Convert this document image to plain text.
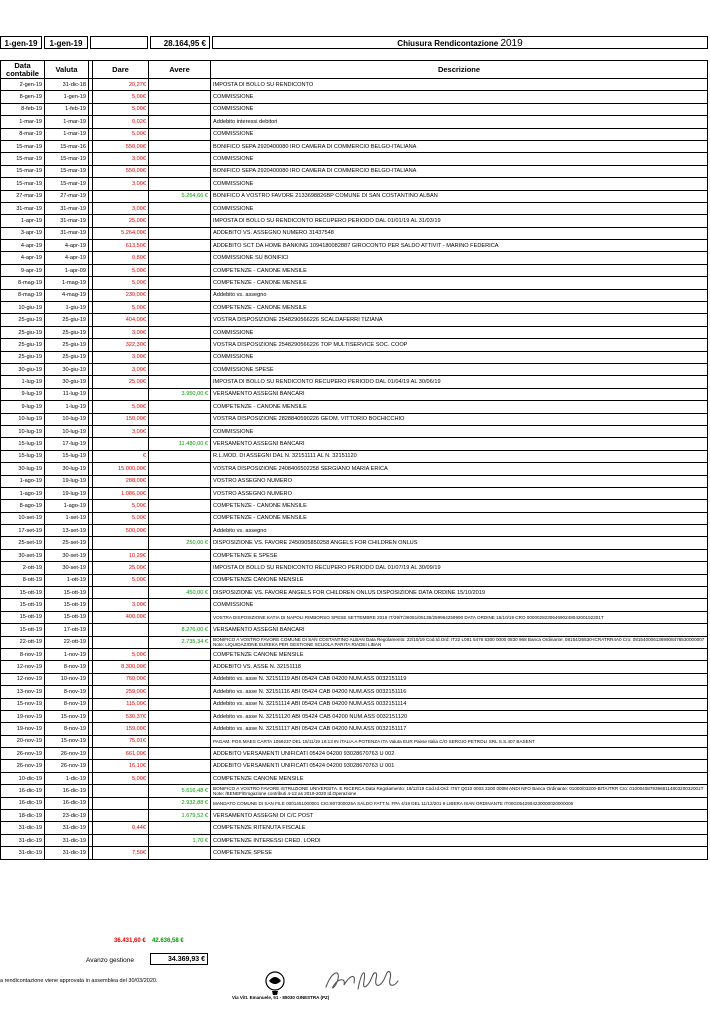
1-gen-19	1-gen-19	28.164,95 €	Chiusura Rendicontazione 2019
Data contabile	Valuta		Dare	Avere	Descrizione
2-gen-19	31-dic-18		20,27€		IMPOSTA DI BOLLO SU RENDICONTO
8-gen-19	1-gen-19		5,00€		COMMISSIONE
8-feb-19	1-feb-19		5,00€		COMMISSIONE
1-mar-19	1-mar-19		0,02€		Addebito interessi debitori
8-mar-19	1-mar-19		5,00€		COMMISSIONE
15-mar-19	15-mar-16		550,00€		BONIFICO SEPA 2920400080 IRO CAMERA DI COMMERCIO BELGO-ITALIANA
15-mar-19	15-mar-19		3,00€		COMMISSIONE
15-mar-19	15-mar-19		550,00€		BONIFICO SEPA 2920400080 IRO CAMERA DI COMMERCIO BELGO-ITALIANA
15-mar-19	15-mar-19		3,00€		COMMISSIONE
27-mar-19	27-mar-19			5.264,66 €	BONIFICO A VOSTRO FAVORE 2133698826BP COMUNE DI SAN COSTANTINO ALBAN
31-mar-19	31-mar-19		3,00€		COMMISSIONE
1-apr-19	31-mar-19		25,00€		IMPOSTA DI BOLLO SU RENDICONTO RECUPERO PERIODO DAL 01/01/19 AL 31/03/19
3-apr-19	31-mar-19		5.264,00€		ADDEBITO VS. ASSEGNO NUMERO 31437548
4-apr-19	4-apr-19		613,50€		ADDEBITO SCT DA HOME BANKING 1094180082887 GIROCONTO PER SALDO ATTIVIT - MARINO FEDERICA
4-apr-19	4-apr-19		0,80€		COMMISSIONE SU BONIFICI
9-apr-19	1-apr-09		5,00€		COMPETENZE - CANONE MENSILE
8-mag-19	1-mag-19		5,00€		COMPETENZE - CANONE MENSILE
8-mag-19	4-mag-19		230,00€		Addebito vs. assegno
10-giu-19	1-giu-19		5,00€		COMPETENZE - CANONE MENSILE
25-giu-19	25-giu-19		404,00€		VOSTRA DISPOSIZIONE 2548290566226 SCALDAFERRI TIZIANA
25-giu-19	25-giu-19		3,00€		COMMISSIONE
25-giu-19	25-giu-19		322,30€		VOSTRA DISPOSIZIONE 2548290566226 TOP MULTISERVICE SOC. COOP
25-giu-19	25-giu-19		3,00€		COMMISSIONE
30-giu-19	30-giu-19		3,00€		COMMISSIONE SPESE
1-lug-19	30-giu-19		25,00€		IMPOSTA DI BOLLO SU RENDICONTO RECUPERO PERIODO DAL 01/04/19 AL 30/06/19
9-lug-19	11-lug-19			3.950,00 €	VERSAMENTO ASSEGNI BANCARI
9-lug-19	1-lug-19		5,00€		COMPETENZE - CANONE MENSILE
10-lug-19	10-lug-19		150,00€		VOSTRA DISPOSIZIONE 2828840590226 GEOM. VITTORIO BOCHICCHIO
10-lug-19	10-lug-19		3,00€		COMMISSIONE
15-lug-19	17-lug-19			11.480,00 €	VERSAMENTO ASSEGNI BANCARI
15-lug-19	15-lug-19		€		R.L.MOD. DI ASSEGNI DAL N. 32151111 AL N. 32151120
30-lug-19	30-lug-19		15.000,00€		VOSTRA DISPOSIZIONE 2408406502258 SERGIANO MARIA ERICA
1-ago-19	19-lug-19		288,00€		VOSTRO ASSEGNO NUMERO
1-ago-19	19-lug-19		1.086,00€		VOSTRO ASSEGNO NUMERO
8-ago-19	1-ago-19		5,00€		COMPETENZE - CANONE MENSILE
10-set-19	1-set-19		5,00€		COMPETENZE - CANONE MENSILE
17-set-19	13-set-19		500,00€		Addebito vs. assegno
25-set-19	25-set-19			250,00 €	DISPOSIZIONE VS. FAVORE 2450905850258 ANGELS FOR CHILDREN ONLUS
30-set-19	30-set-19		10,29€		COMPETENZE E SPESE
2-ott-19	30-set-19		25,00€		IMPOSTA DI BOLLO SU RENDICONTO RECUPERO PERIODO DAL 01/07/19 AL 30/09/19
8-ott-19	1-ott-19		5,00€		COMPETENZE CANONE MENSILE
15-ott-19	15-ott-19			450,00 €	DISPOSIZIONE VS. FAVORE ANGELS FOR CHILDREN ONLUS DISPOSIZIONE DATA ORDINE 15/10/2019
15-ott-19	15-ott-19		3,00€		COMMISSIONE
15-ott-19	15-ott-19		400,00€		VOSTRA DISPOSIZIONE KATIA DI NAPOLI RIMBORSO SPESE SETTEMBRE 2019 IT/39/T/36081/05138/259964259990 DATA ORDINE 15/10/19 CRO 00000282306469024804200152201T
15-ott-19	17-ott-19			8.276,00 €	VERSAMENTO ASSEGNI BANCARI
22-ott-19	22-ott-19			2.735,34 €	BONIFICO A VOSTRO FAVORE COMUNE DI SAN COSTANTINO ALBAN Data Regolamento: 22/10/19 Cod.Id.Ord: IT22 L081 5476 5300 0000 0830 968 Banca Ordinante: 08154/26530-ICRATRR4A0 Cro: 0815400061369908476530000007 Note: LIQUIDAZIONE EUREKA PER GESTIONE SCUOLA PARITA RIADEI LIBAN
8-nov-19	1-nov-19		5,00€		COMPETENZE CANONE MENSILE
12-nov-19	8-nov-19		8.300,00€		ADDEBITO VS. ASSE N. 32151118
12-nov-19	10-nov-19		760,00€		Addebito vs. asse N. 32151119 ABI 05424 CAB 04200 NUM.ASS 0032151119
13-nov-19	8-nov-19		259,00€		Addebito vs. asse N. 32151116 ABI 05424 CAB 04200 NUM.ASS 0032151116
15-nov-19	8-nov-19		115,00€		Addebito vs. asse N. 32151114 ABI 05424 CAB 04200 NUM.ASS 0032151114
19-nov-19	15-nov-19		530,37€		Addebito vs. asse N. 32151120 ABI 05424 CAB 04200 NUM.ASS 0032151120
19-nov-19	8-nov-19		159,00€		Addebito vs. asse N. 32151117 ABI 05424 CAB 04200 NUM.ASS 0032151117
20-nov-19	15-nov-19		75,01€		PAGAM. POS MAES CARTA 1059237 DEL 15/11/19 16:13 IN ITALIA A POTENZA ITA Valuta EUR Paese Italia C/O SERGIO PETROLI SRL S.S.407 BASENT
26-nov-19	26-nov-19		661,00€		ADDEBITO VERSAMENTI UNIFICATI 05424 04200 93028670763 U 002
26-nov-19	26-nov-19		16,10€		ADDEBITO VERSAMENTI UNIFICATI 05424 04200 93028670763 U 001
10-dic-19	1-dic-19		5,00€		COMPETENZE CANONE MENSILE
16-dic-19	16-dic-19			5.616,48 €	BONIFICO A VOSTRO FAVORE ISTRUZIONE UNIVERSITA. E RICERCA Data Regolamento: 16/12/19 Cod.Id.Ord: IT67 Q010 0003 2200 000M ANDI NFO Banca Ordinante: 01000/03200-BITAITRR Cro: 0100040879396811480320032001T Note: /BENEF/Erogazione contributi 4-12 as 2019-2020 Id.Operazione
16-dic-19	16-dic-19			2.932,88 €	MANDATO COMUNE DI SAN FILE 0001451000001 CIG:807300025A SALDO FATT.N. FPA 4/19 DEL 11/12/201 9 LIBERA ISAN ORDINANTE IT00G0542904230000020000006
18-dic-19	23-dic-19			1.679,52 €	VERSAMENTO ASSEGNI DI C/C POST
31-dic-19	31-dic-19		0,44€		COMPETENZE RITENUTA FISCALE
31-dic-19	31-dic-19			1,70 €	COMPETENZE INTERESSI CRED. LORDI
31-dic-19	31-dic-19		7,50€		COMPETENZE SPESE
36.431,60 € 42.636,58 €
Avanzo gestione	34.369,93 €
a rendicontazione viene approvata in assemblea del 30/03/2020.
Via Vitt. Emanuele, 51 - 85030 GINESTRA (PZ)
